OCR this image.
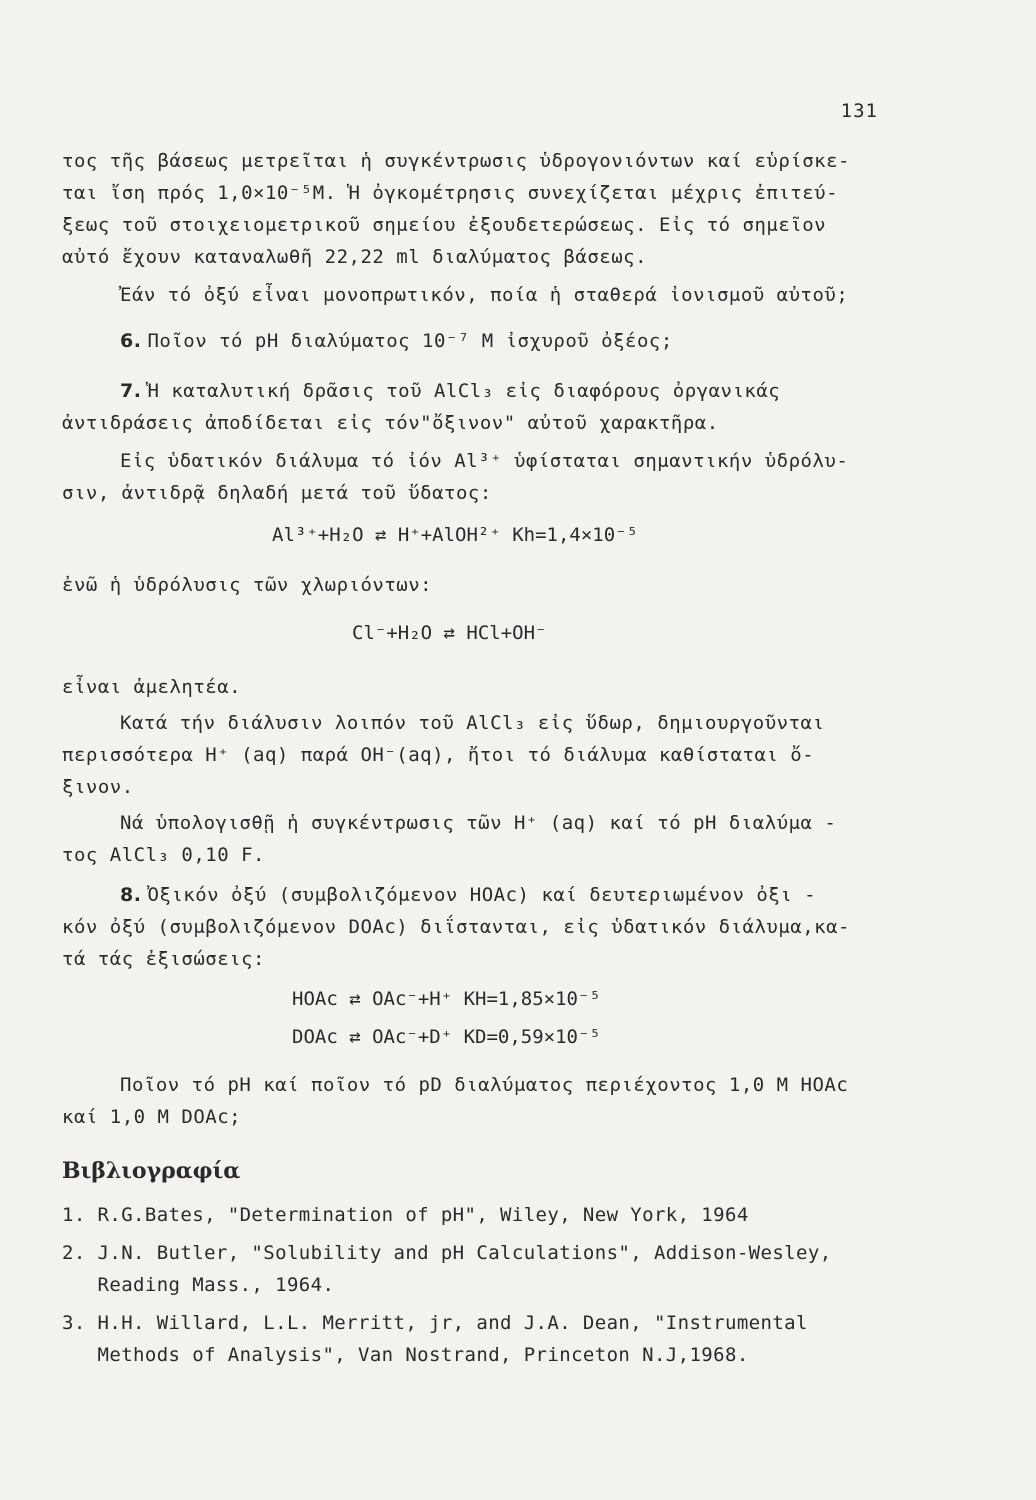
131
τος τῆς βάσεως μετρεῖται ἡ συγκέντρωσις ὑδρογονιόντων καί εὑρίσκε-
ται ἴση πρός 1,0×10⁻⁵M. Ἡ ὀγκομέτρησις συνεχίζεται μέχρις ἐπιτεύ-
ξεως τοῦ στοιχειομετρικοῦ σημείου ἐξουδετερώσεως. Εἰς τό σημεῖον
αὐτό ἔχουν καταναλωθῆ 22,22 ml διαλύματος βάσεως.
Ἐάν τό ὀξύ εἶναι μονοπρωτικόν, ποία ἡ σταθερά ἰονισμοῦ αὐτοῦ;
6. Ποῖον τό pH διαλύματος 10⁻⁷ M ἰσχυροῦ ὀξέος;
7. Ἡ καταλυτική δρᾶσις τοῦ AlCl₃ εἰς διαφόρους ὀργανικάς
ἀντιδράσεις ἀποδίδεται εἰς τόν"ὄξινον" αὐτοῦ χαρακτῆρα.
Εἰς ὑδατικόν διάλυμα τό ἰόν Al³⁺ ὑφίσταται σημαντικήν ὑδρόλυ-
σιν, ἀντιδρᾷ δηλαδή μετά τοῦ ὕδατος:
Al³⁺+H₂O ⇄ H⁺+AlOH²⁺ Kh=1,4×10⁻⁵
ἐνῶ ἡ ὑδρόλυσις τῶν χλωριόντων:
Cl⁻+H₂O ⇄ HCl+OH⁻
εἶναι ἀμελητέα.
Κατά τήν διάλυσιν λοιπόν τοῦ AlCl₃ εἰς ὕδωρ, δημιουργοῦνται
περισσότερα H⁺ (aq) παρά OH⁻(aq), ἤτοι τό διάλυμα καθίσταται ὄ-
ξινον.
Νά ὑπολογισθῇ ἡ συγκέντρωσις τῶν H⁺ (aq) καί τό pH διαλύμα -
τος AlCl₃ 0,10 F.
8. Ὀξικόν ὀξύ (συμβολιζόμενον HOAc) καί δευτεριωμένον ὀξι -
κόν ὀξύ (συμβολιζόμενον DOAc) διΐστανται, εἰς ὑδατικόν διάλυμα,κα-
τά τάς ἐξισώσεις:
HOAc ⇄ OAc⁻+H⁺ KH=1,85×10⁻⁵
DOAc ⇄ OAc⁻+D⁺ KD=0,59×10⁻⁵
Ποῖον τό pH καί ποῖον τό pD διαλύματος περιέχοντος 1,0 M HOAc
καί 1,0 M DOAc;
Βιβλιογραφία
1. R.G.Bates, "Determination of pH", Wiley, New York, 1964
2. J.N. Butler, "Solubility and pH Calculations", Addison-Wesley,
Reading Mass., 1964.
3. H.H. Willard, L.L. Merritt, jr, and J.A. Dean, "Instrumental
Methods of Analysis", Van Nostrand, Princeton N.J,1968.
